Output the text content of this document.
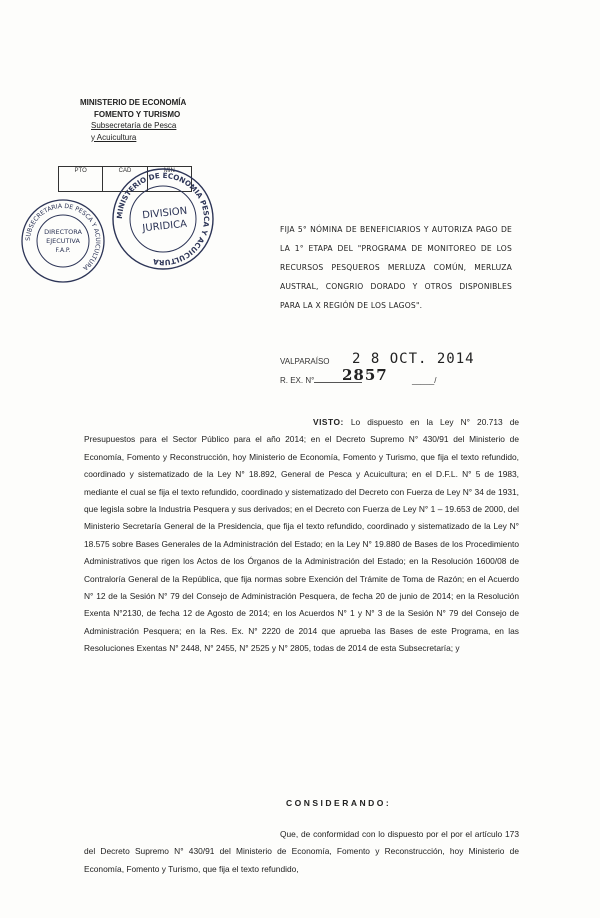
MINISTERIO DE ECONOMÍA
FOMENTO Y TURISMO
Subsecretaría de Pesca
y Acuicultura
PTO	CAD	MIN
SUBSECRETARIA DE PESCA Y ACUICULTURA
DIRECTORA
EJECUTIVA
F.A.P.
MINISTERIO DE ECONOMIA PESCA Y ACUICULTURA
DIVISION
JURIDICA	FIJA 5° NÓMINA DE BENEFICIARIOS Y AUTORIZA PAGO DE LA 1° ETAPA DEL "PROGRAMA DE MONITOREO DE LOS RECURSOS PESQUEROS MERLUZA COMÚN, MERLUZA AUSTRAL, CONGRIO DORADO Y OTROS DISPONIBLES PARA LA X REGIÓN DE LOS LAGOS".
VALPARAÍSO 2 8 OCT. 2014
R. EX. N°	2857	_____/
VISTO: Lo dispuesto en la Ley N° 20.713 de Presupuestos para el Sector Público para el año 2014; en el Decreto Supremo N° 430/91 del Ministerio de Economía, Fomento y Reconstrucción, hoy Ministerio de Economía, Fomento y Turismo, que fija el texto refundido, coordinado y sistematizado de la Ley N° 18.892, General de Pesca y Acuicultura; en el D.F.L. N° 5 de 1983, mediante el cual se fija el texto refundido, coordinado y sistematizado del Decreto con Fuerza de Ley N° 34 de 1931, que legisla sobre la Industria Pesquera y sus derivados; en el Decreto con Fuerza de Ley N° 1 – 19.653 de 2000, del Ministerio Secretaría General de la Presidencia, que fija el texto refundido, coordinado y sistematizado de la Ley N° 18.575 sobre Bases Generales de la Administración del Estado; en la Ley N° 19.880 de Bases de los Procedimiento Administrativos que rigen los Actos de los Órganos de la Administración del Estado; en la Resolución 1600/08 de Contraloría General de la República, que fija normas sobre Exención del Trámite de Toma de Razón; en el Acuerdo N° 12 de la Sesión N° 79 del Consejo de Administración Pesquera, de fecha 20 de junio de 2014; en la Resolución Exenta N°2130, de fecha 12 de Agosto de 2014; en los Acuerdos N° 1 y N° 3 de la Sesión N° 79 del Consejo de Administración Pesquera; en la Res. Ex. N° 2220 de 2014 que aprueba las Bases de este Programa, en las Resoluciones Exentas N° 2448, N° 2455, N° 2525 y N° 2805, todas de 2014 de esta Subsecretaría; y
CONSIDERANDO:
Que, de conformidad con lo dispuesto por el por el artículo 173 del Decreto Supremo N° 430/91 del Ministerio de Economía, Fomento y Reconstrucción, hoy Ministerio de Economía, Fomento y Turismo, que fija el texto refundido,
